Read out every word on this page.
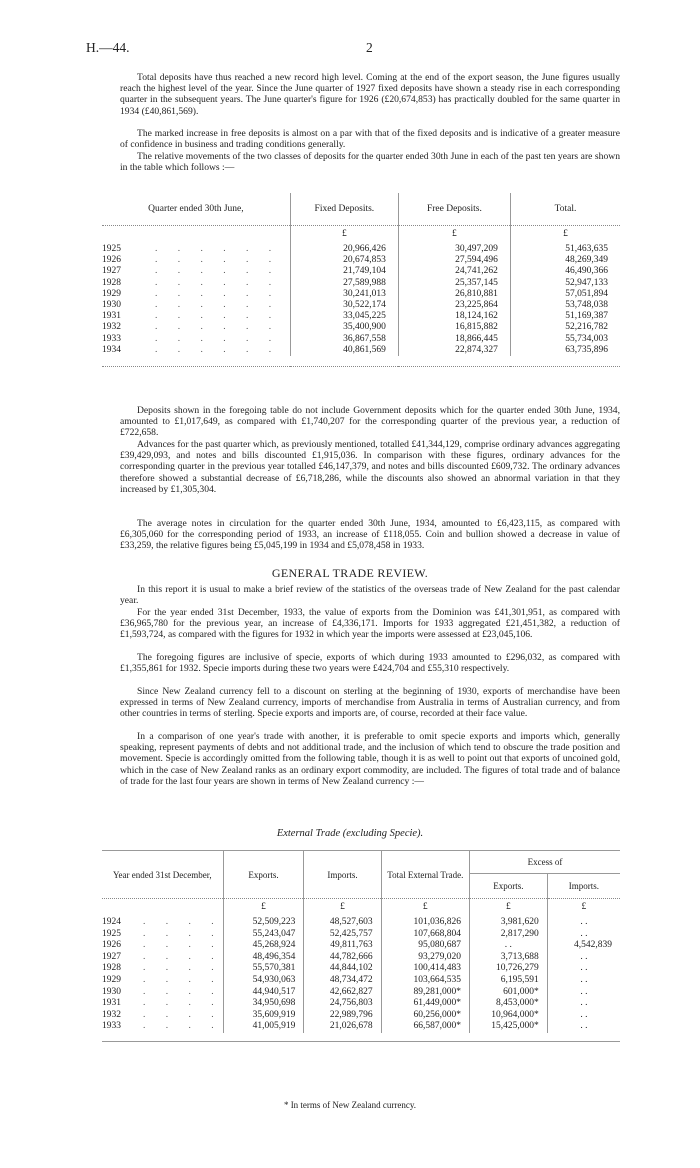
H.—44.	2

Total deposits have thus reached a new record high level. Coming at the end of the export season, the June figures usually reach the highest level of the year. Since the June quarter of 1927 fixed deposits have shown a steady rise in each corresponding quarter in the subsequent years. The June quarter's figure for 1926 (£20,674,853) has practically doubled for the same quarter in 1934 (£40,861,569).

The marked increase in free deposits is almost on a par with that of the fixed deposits and is indicative of a greater measure of confidence in business and trading conditions generally.

The relative movements of the two classes of deposits for the quarter ended 30th June in each of the past ten years are shown in the table which follows :—

Quarter ended 30th June,	Fixed Deposits.	Free Deposits.	Total.
	£	£	£
1925 . . . . . .	20,966,426	30,497,209	51,463,635
1926 . . . . . .	20,674,853	27,594,496	48,269,349
1927 . . . . . .	21,749,104	24,741,262	46,490,366
1928 . . . . . .	27,589,988	25,357,145	52,947,133
1929 . . . . . .	30,241,013	26,810,881	57,051,894
1930 . . . . . .	30,522,174	23,225,864	53,748,038
1931 . . . . . .	33,045,225	18,124,162	51,169,387
1932 . . . . . .	35,400,900	16,815,882	52,216,782
1933 . . . . . .	36,867,558	18,866,445	55,734,003
1934 . . . . . .	40,861,569	22,874,327	63,735,896

Deposits shown in the foregoing table do not include Government deposits which for the quarter ended 30th June, 1934, amounted to £1,017,649, as compared with £1,740,207 for the corresponding quarter of the previous year, a reduction of £722,658.

Advances for the past quarter which, as previously mentioned, totalled £41,344,129, comprise ordinary advances aggregating £39,429,093, and notes and bills discounted £1,915,036. In comparison with these figures, ordinary advances for the corresponding quarter in the previous year totalled £46,147,379, and notes and bills discounted £609,732. The ordinary advances therefore showed a substantial decrease of £6,718,286, while the discounts also showed an abnormal variation in that they increased by £1,305,304.

The average notes in circulation for the quarter ended 30th June, 1934, amounted to £6,423,115, as compared with £6,305,060 for the corresponding period of 1933, an increase of £118,055. Coin and bullion showed a decrease in value of £33,259, the relative figures being £5,045,199 in 1934 and £5,078,458 in 1933.

GENERAL TRADE REVIEW.

In this report it is usual to make a brief review of the statistics of the overseas trade of New Zealand for the past calendar year.

For the year ended 31st December, 1933, the value of exports from the Dominion was £41,301,951, as compared with £36,965,780 for the previous year, an increase of £4,336,171. Imports for 1933 aggregated £21,451,382, a reduction of £1,593,724, as compared with the figures for 1932 in which year the imports were assessed at £23,045,106.

The foregoing figures are inclusive of specie, exports of which during 1933 amounted to £296,032, as compared with £1,355,861 for 1932. Specie imports during these two years were £424,704 and £55,310 respectively.

Since New Zealand currency fell to a discount on sterling at the beginning of 1930, exports of merchandise have been expressed in terms of New Zealand currency, imports of merchandise from Australia in terms of Australian currency, and from other countries in terms of sterling. Specie exports and imports are, of course, recorded at their face value.

In a comparison of one year's trade with another, it is preferable to omit specie exports and imports which, generally speaking, represent payments of debts and not additional trade, and the inclusion of which tend to obscure the trade position and movement. Specie is accordingly omitted from the following table, though it is as well to point out that exports of uncoined gold, which in the case of New Zealand ranks as an ordinary export commodity, are included. The figures of total trade and of balance of trade for the last four years are shown in terms of New Zealand currency :—

External Trade (excluding Specie).
Year ended 31st December,	Exports.	Imports.	Total External Trade.	Excess of	
				Exports.	Imports.
	£	£	£	£	£
1924 . . . .	52,509,223	48,527,603	101,036,826	3,981,620	. .
1925 . . . .	55,243,047	52,425,757	107,668,804	2,817,290	. .
1926 . . . .	45,268,924	49,811,763	95,080,687	. .	4,542,839
1927 . . . .	48,496,354	44,782,666	93,279,020	3,713,688	. .
1928 . . . .	55,570,381	44,844,102	100,414,483	10,726,279	. .
1929 . . . .	54,930,063	48,734,472	103,664,535	6,195,591	. .
1930 . . . .	44,940,517	42,662,827	89,281,000*	601,000*	. .
1931 . . . .	34,950,698	24,756,803	61,449,000*	8,453,000*	. .
1932 . . . .	35,609,919	22,989,796	60,256,000*	10,964,000*	. .
1933 . . . .	41,005,919	21,026,678	66,587,000*	15,425,000*	. .

* In terms of New Zealand currency.
